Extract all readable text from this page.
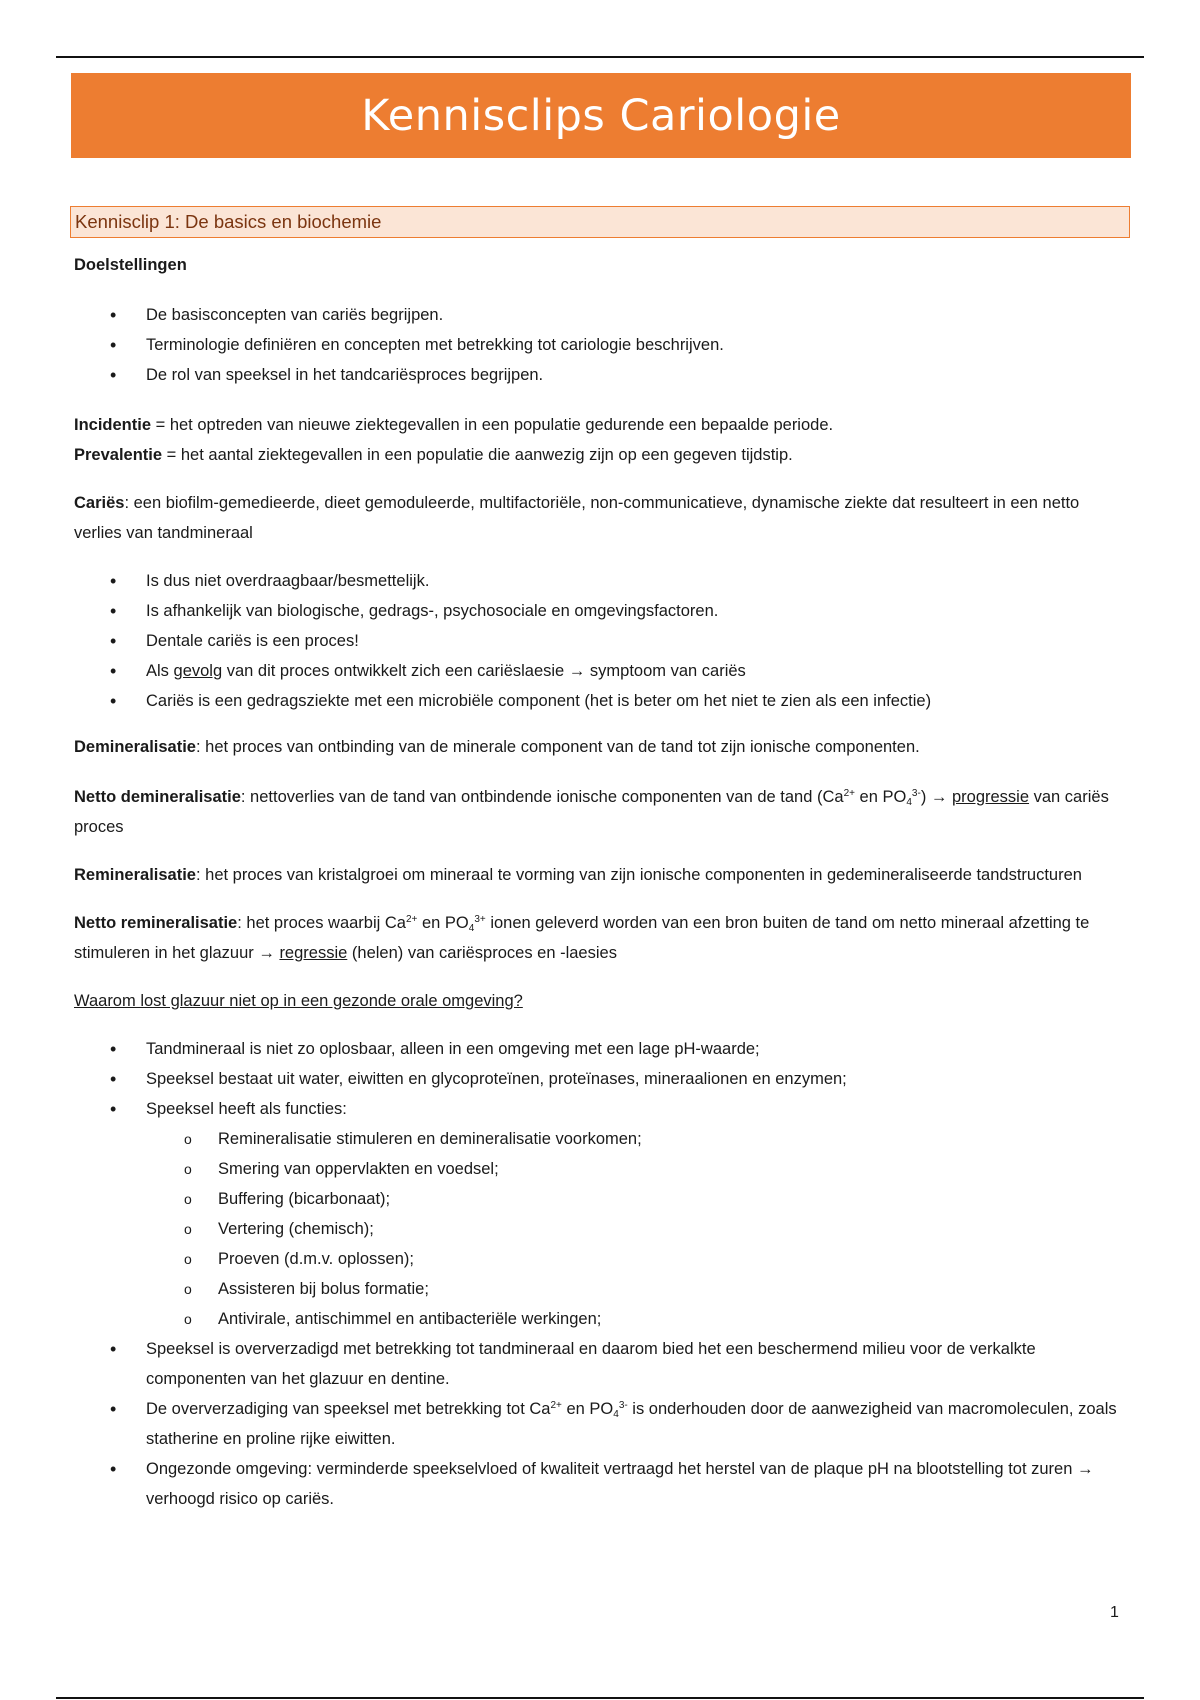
Kennisclips Cariologie
Kennisclip 1: De basics en biochemie

Doelstellingen

• De basisconcepten van cariës begrijpen.
• Terminologie definiëren en concepten met betrekking tot cariologie beschrijven.
• De rol van speeksel in het tandcariësproces begrijpen.

Incidentie = het optreden van nieuwe ziektegevallen in een populatie gedurende een bepaalde periode.

Prevalentie = het aantal ziektegevallen in een populatie die aanwezig zijn op een gegeven tijdstip.

Cariës: een biofilm-gemedieerde, dieet gemoduleerde, multifactoriële, non-communicatieve, dynamische ziekte dat resulteert in een netto verlies van tandmineraal

• Is dus niet overdraagbaar/besmettelijk.
• Is afhankelijk van biologische, gedrags-, psychosociale en omgevingsfactoren.
• Dentale cariës is een proces!
• Als gevolg van dit proces ontwikkelt zich een cariëslaesie → symptoom van cariës
• Cariës is een gedragsziekte met een microbiële component (het is beter om het niet te zien als een infectie)

Demineralisatie: het proces van ontbinding van de minerale component van de tand tot zijn ionische componenten.

Netto demineralisatie: nettoverlies van de tand van ontbindende ionische componenten van de tand ($Ca^{2+}$ en $PO_4^{3-}$) → progressie van cariës proces

Remineralisatie: het proces van kristalgroei om mineraal te vorming van zijn ionische componenten in gedemineraliseerde tandstructuren

Netto remineralisatie: het proces waarbij $Ca^{2+}$ en $PO_4^{3+}$ ionen geleverd worden van een bron buiten de tand om netto mineraal afzetting te stimuleren in het glazuur → regressie (helen) van cariësproces en -laesies

Waarom lost glazuur niet op in een gezonde orale omgeving?

• Tandmineraal is niet zo oplosbaar, alleen in een omgeving met een lage pH-waarde;
• Speeksel bestaat uit water, eiwitten en glycoproteïnen, proteïnases, mineraalionen en enzymen;
• Speeksel heeft als functies:
o Remineralisatie stimuleren en demineralisatie voorkomen;
o Smering van oppervlakten en voedsel;
o Buffering (bicarbonaat);
o Vertering (chemisch);
o Proeven (d.m.v. oplossen);
o Assisteren bij bolus formatie;
o Antivirale, antischimmel en antibacteriële werkingen;
• Speeksel is oververzadigd met betrekking tot tandmineraal en daarom bied het een beschermend milieu voor de verkalkte componenten van het glazuur en dentine.
• De oververzadiging van speeksel met betrekking tot $Ca^{2+}$ en $PO_4^{3-}$ is onderhouden door de aanwezigheid van macromoleculen, zoals statherine en proline rijke eiwitten.
• Ongezonde omgeving: verminderde speekselvloed of kwaliteit vertraagd het herstel van de plaque pH na blootstelling tot zuren → verhoogd risico op cariës.
1
